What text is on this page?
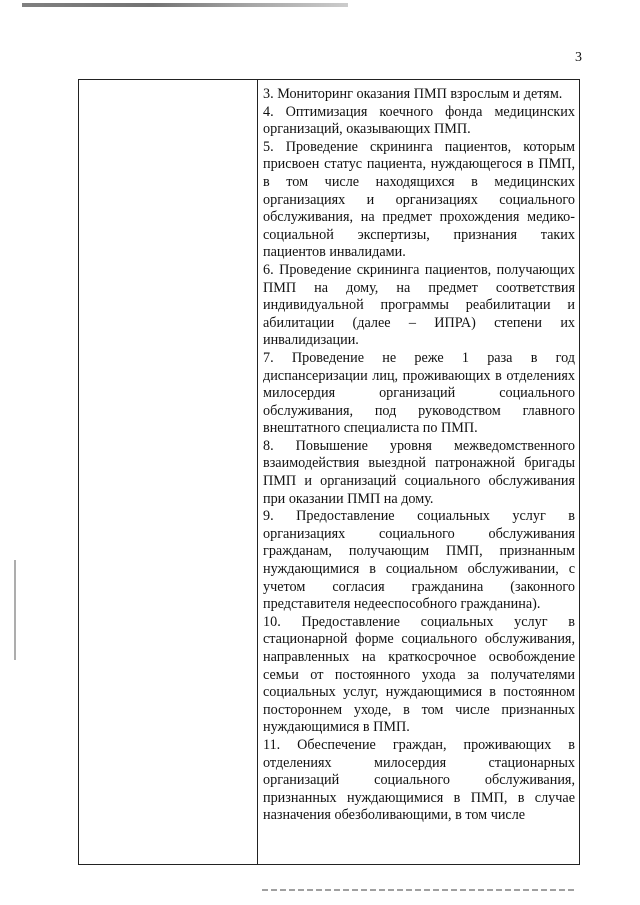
3

3. Мониторинг оказания ПМП взрослым и детям.

4. Оптимизация коечного фонда медицинских организаций, оказывающих ПМП.

5. Проведение скрининга пациентов, которым присвоен статус пациента, нуждающегося в ПМП, в том числе находящихся в медицинских организациях и организациях социального обслуживания, на предмет прохождения медико-социальной экспертизы, признания таких пациентов инвалидами.

6. Проведение скрининга пациентов, получающих ПМП на дому, на предмет соответствия индивидуальной программы реабилитации и абилитации (далее – ИПРА) степени их инвалидизации.

7. Проведение не реже 1 раза в год диспансеризации лиц, проживающих в отделениях милосердия организаций социального обслуживания, под руководством главного внештатного специалиста по ПМП.

8. Повышение уровня межведомственного взаимодействия выездной патронажной бригады ПМП и организаций социального обслуживания при оказании ПМП на дому.

9. Предоставление социальных услуг в организациях социального обслуживания гражданам, получающим ПМП, признанным нуждающимися в социальном обслуживании, с учетом согласия гражданина (законного представителя недееспособного гражданина).

10. Предоставление социальных услуг в стационарной форме социального обслуживания, направленных на краткосрочное освобождение семьи от постоянного ухода за получателями социальных услуг, нуждающимися в постоянном постороннем уходе, в том числе признанных нуждающимися в ПМП.

11. Обеспечение граждан, проживающих в отделениях милосердия стационарных организаций социального обслуживания, признанных нуждающимися в ПМП, в случае назначения обезболивающими, в том числе
